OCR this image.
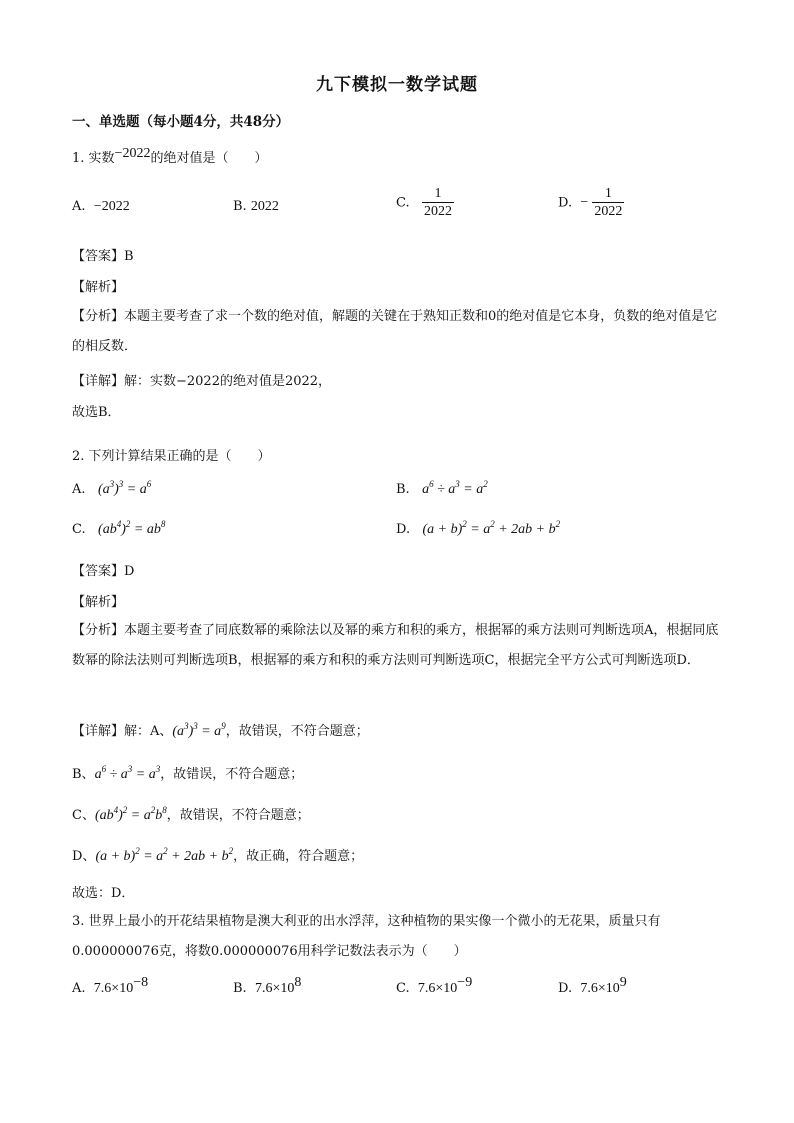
九下模拟一数学试题
一、单选题（每小题4分，共48分）
1. 实数−2022的绝对值是（　　）
A. −2022	B. 2022	C. $\frac{1}{2022}$	D. − $\frac{1}{2022}$
【答案】B
【解析】
【分析】本题主要考查了求一个数的绝对值，解题的关键在于熟知正数和0的绝对值是它本身，负数的绝对值是它的相反数．
【详解】解：实数−2022的绝对值是2022，
故选B．
2. 下列计算结果正确的是（　　）
A. $(a^3)^3 = a^6$	B. $a^6 \div a^3 = a^2$
C. $(ab^4)^2 = ab^8$	D. $(a + b)^2 = a^2 + 2ab + b^2$
【答案】D
【解析】
【分析】本题主要考查了同底数幂的乘除法以及幂的乘方和积的乘方，根据幂的乘方法则可判断选项A，根据同底数幂的除法法则可判断选项B，根据幂的乘方和积的乘方法则可判断选项C，根据完全平方公式可判断选项D．
【详解】解：A、$(a^3)^3 = a^9$，故错误，不符合题意；
B、$a^6 \div a^3 = a^3$，故错误，不符合题意；
C、$(ab^4)^2 = a^2b^8$，故错误，不符合题意；
D、$(a + b)^2 = a^2 + 2ab + b^2$，故正确，符合题意；
故选：D．
3. 世界上最小的开花结果植物是澳大利亚的出水浮萍，这种植物的果实像一个微小的无花果，质量只有0.000000076克，将数0.000000076用科学记数法表示为（　　）
A. $7.6\times 10^{-8}$	B. $7.6\times 10^8$	C. $7.6\times 10^{-9}$	D. $7.6\times 10^9$
